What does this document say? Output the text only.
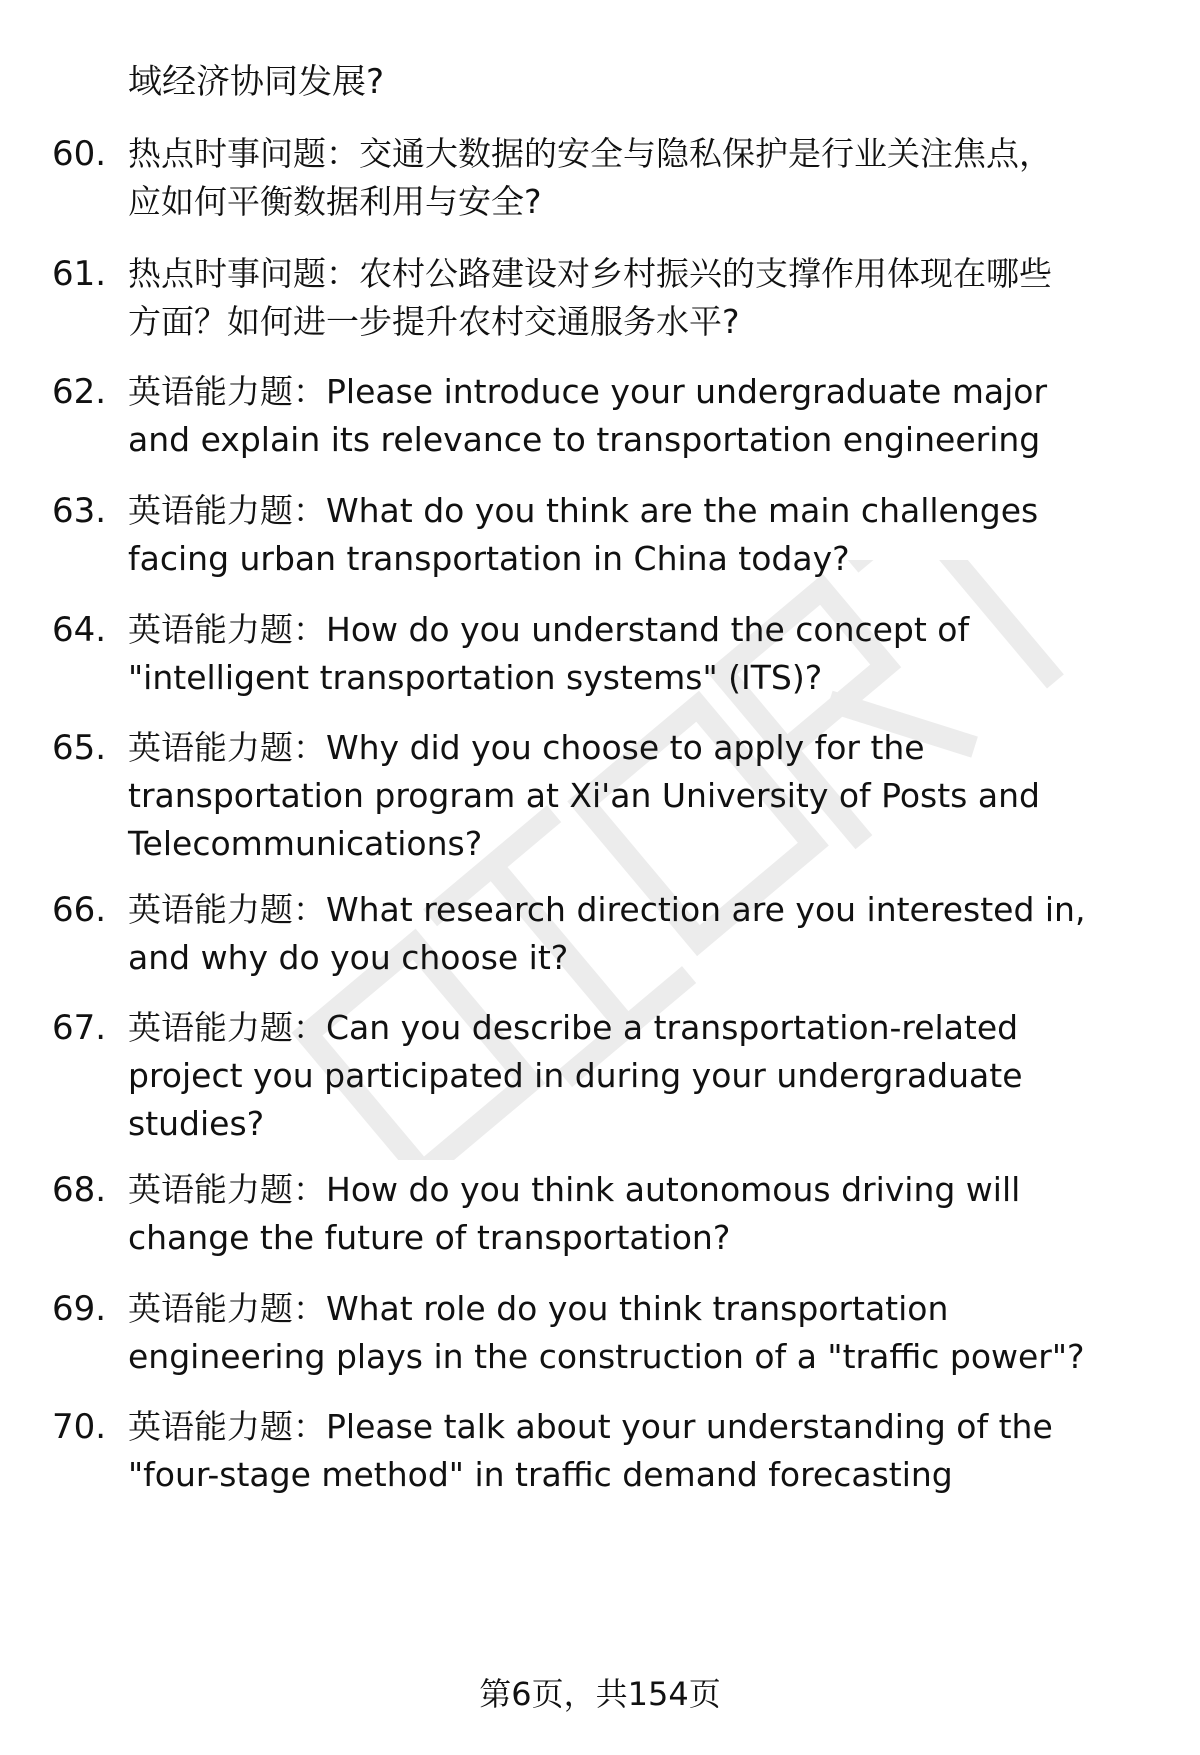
域经济协同发展?
60. 热点时事问题：交通大数据的安全与隐私保护是行业关注焦点，
应如何平衡数据利用与安全?
61. 热点时事问题：农村公路建设对乡村振兴的支撑作用体现在哪些
方面？如何进一步提升农村交通服务水平?
62. 英语能力题：Please introduce your undergraduate major
and explain its relevance to transportation engineering
63. 英语能力题：What do you think are the main challenges
facing urban transportation in China today?
64. 英语能力题：How do you understand the concept of
"intelligent transportation systems" (ITS)?
65. 英语能力题：Why did you choose to apply for the
transportation program at Xi'an University of Posts and
Telecommunications?
66. 英语能力题：What research direction are you interested in,
and why do you choose it?
67. 英语能力题：Can you describe a transportation-related
project you participated in during your undergraduate
studies?
68. 英语能力题：How do you think autonomous driving will
change the future of transportation?
69. 英语能力题：What role do you think transportation
engineering plays in the construction of a "traffic power"?
70. 英语能力题：Please talk about your understanding of the
"four-stage method" in traffic demand forecasting
第6页，共154页
